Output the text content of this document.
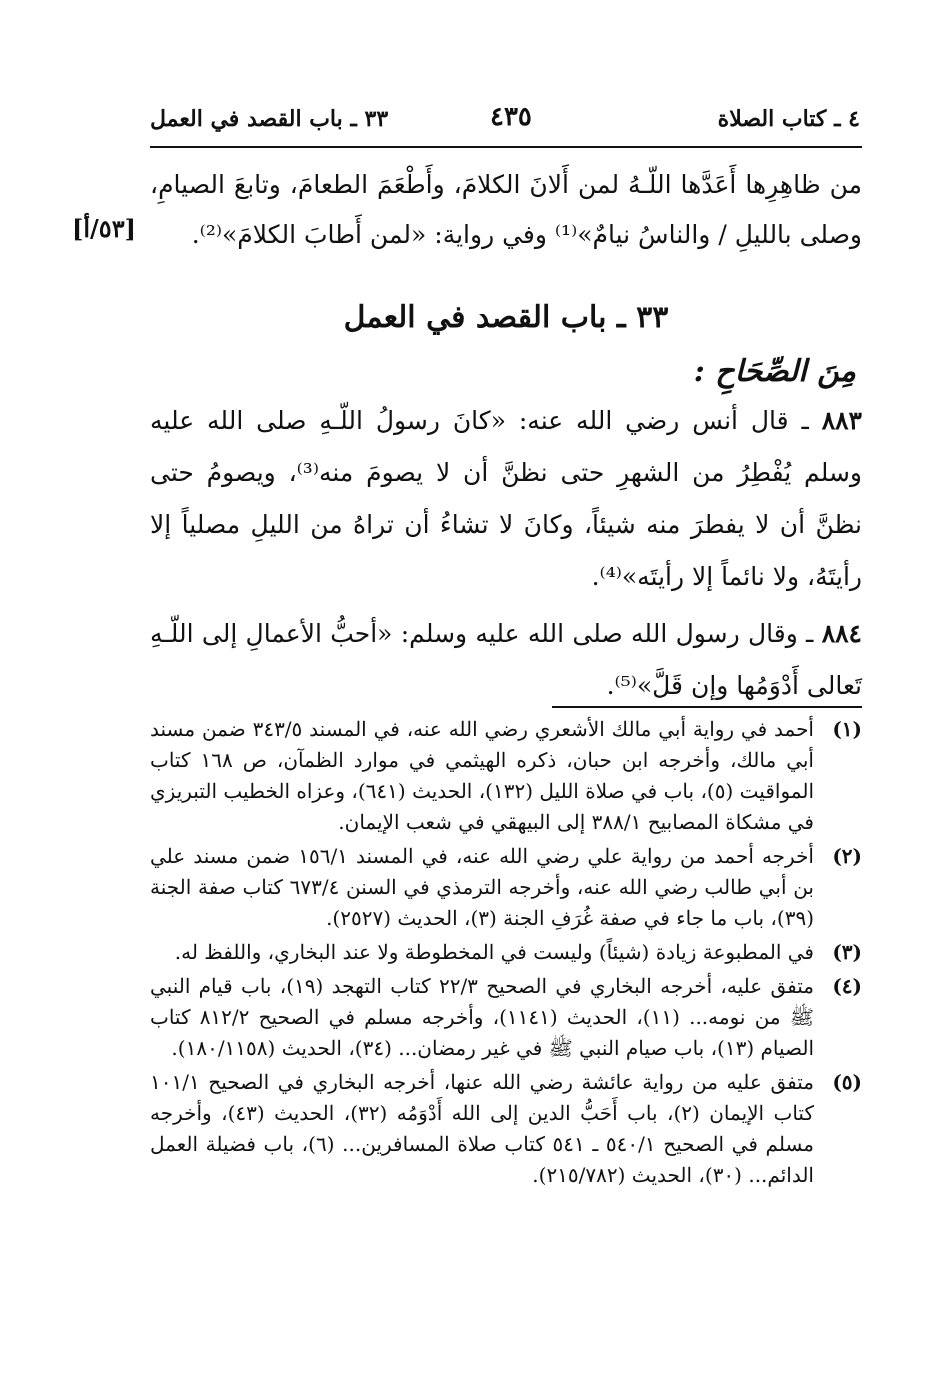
٤ ـ كتاب الصلاة
٤٣٥
٣٣ ـ باب القصد في العمل
من ظاهِرِها أَعَدَّها اللّـهُ لمن أَلانَ الكلامَ، وأَطْعَمَ الطعامَ، وتابعَ الصيامِ، وصلى بالليلِ / والناسُ نيامٌ»⁽¹⁾ وفي رواية: «لمن أَطابَ الكلامَ»⁽²⁾.
[٥٣/أ]
٣٣ ـ باب القصد في العمل
مِنَ الصِّحَاحِ :
٨٨٣ ـ قال أنس رضي الله عنه: «كانَ رسولُ اللّـهِ صلى الله عليه وسلم يُفْطِرُ من الشهرِ حتى نظنَّ أن لا يصومَ منه⁽³⁾، ويصومُ حتى نظنَّ أن لا يفطرَ منه شيئاً، وكانَ لا تشاءُ أن تراهُ من الليلِ مصلياً إلا رأيتَهُ، ولا نائماً إلا رأيتَه»⁽⁴⁾.
٨٨٤ ـ وقال رسول الله صلى الله عليه وسلم: «أحبُّ الأعمالِ إلى اللّـهِ تَعالى أَدْوَمُها وإن قَلَّ»⁽⁵⁾.
(١)
أحمد في رواية أبي مالك الأشعري رضي الله عنه، في المسند ٣٤٣/٥ ضمن مسند أبي مالك، وأخرجه ابن حبان، ذكره الهيثمي في موارد الظمآن، ص ١٦٨ كتاب المواقيت (٥)، باب في صلاة الليل (١٣٢)، الحديث (٦٤١)، وعزاه الخطيب التبريزي في مشكاة المصابيح ٣٨٨/١ إلى البيهقي في شعب الإيمان.
(٢)
أخرجه أحمد من رواية علي رضي الله عنه، في المسند ١٥٦/١ ضمن مسند علي بن أبي طالب رضي الله عنه، وأخرجه الترمذي في السنن ٦٧٣/٤ كتاب صفة الجنة (٣٩)، باب ما جاء في صفة غُرَفِ الجنة (٣)، الحديث (٢٥٢٧).
(٣)
في المطبوعة زيادة (شيئاً) وليست في المخطوطة ولا عند البخاري، واللفظ له.
(٤)
متفق عليه، أخرجه البخاري في الصحيح ٢٢/٣ كتاب التهجد (١٩)، باب قيام النبي ﷺ من نومه... (١١)، الحديث (١١٤١)، وأخرجه مسلم في الصحيح ٨١٢/٢ كتاب الصيام (١٣)، باب صيام النبي ﷺ في غير رمضان... (٣٤)، الحديث (١٨٠/١١٥٨).
(٥)
متفق عليه من رواية عائشة رضي الله عنها، أخرجه البخاري في الصحيح ١٠١/١ كتاب الإيمان (٢)، باب أَحَبُّ الدين إلى الله أَدْوَمُه (٣٢)، الحديث (٤٣)، وأخرجه مسلم في الصحيح ٥٤٠/١ ـ ٥٤١ كتاب صلاة المسافرين... (٦)، باب فضيلة العمل الدائم... (٣٠)، الحديث (٢١٥/٧٨٢).
